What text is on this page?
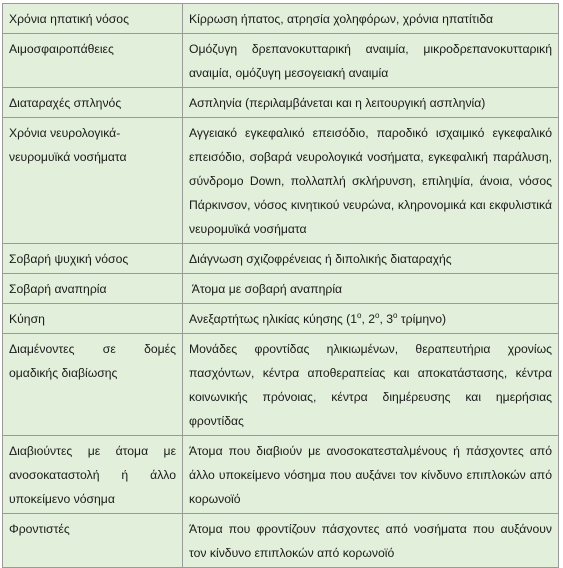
Χρόνια ηπατική νόσος	Κίρρωση ήπατος, ατρησία χοληφόρων, χρόνια ηπατίτιδα
Αιμοσφαιροπάθειες	Ομόζυγη δρεπανοκυτταρική αναιμία, μικροδρεπανοκυτταρική αναιμία, ομόζυγη μεσογειακή αναιμία
Διαταραχές σπληνός	Ασπληνία (περιλαμβάνεται και η λειτουργική ασπληνία)
Χρόνια νευρολογικά-νευρομυϊκά νοσήματα	Αγγειακό εγκεφαλικό επεισόδιο, παροδικό ισχαιμικό εγκεφαλικό επεισόδιο, σοβαρά νευρολογικά νοσήματα, εγκεφαλική παράλυση, σύνδρομο Down, πολλαπλή σκλήρυνση, επιληψία, άνοια, νόσος Πάρκινσον, νόσος κινητικού νευρώνα, κληρονομικά και εκφυλιστικά νευρομυϊκά νοσήματα
Σοβαρή ψυχική νόσος	Διάγνωση σχιζοφρένειας ή διπολικής διαταραχής
Σοβαρή αναπηρία	Άτομα με σοβαρή αναπηρία
Κύηση	Ανεξαρτήτως ηλικίας κύησης ($1^o$, $2^o$, $3^o$ τρίμηνο)
Διαμένοντες σε δομές ομαδικής διαβίωσης	Μονάδες φροντίδας ηλικιωμένων, θεραπευτήρια χρονίως πασχόντων, κέντρα αποθεραπείας και αποκατάστασης, κέντρα κοινωνικής πρόνοιας, κέντρα διημέρευσης και ημερήσιας φροντίδας
Διαβιούντες με άτομα με ανοσοκαταστολή ή άλλο υποκείμενο νόσημα	Άτομα που διαβιούν με ανοσοκατεσταλμένους ή πάσχοντες από άλλο υποκείμενο νόσημα που αυξάνει τον κίνδυνο επιπλοκών από κορωνοϊό
Φροντιστές	Άτομα που φροντίζουν πάσχοντες από νοσήματα που αυξάνουν τον κίνδυνο επιπλοκών από κορωνοϊό
